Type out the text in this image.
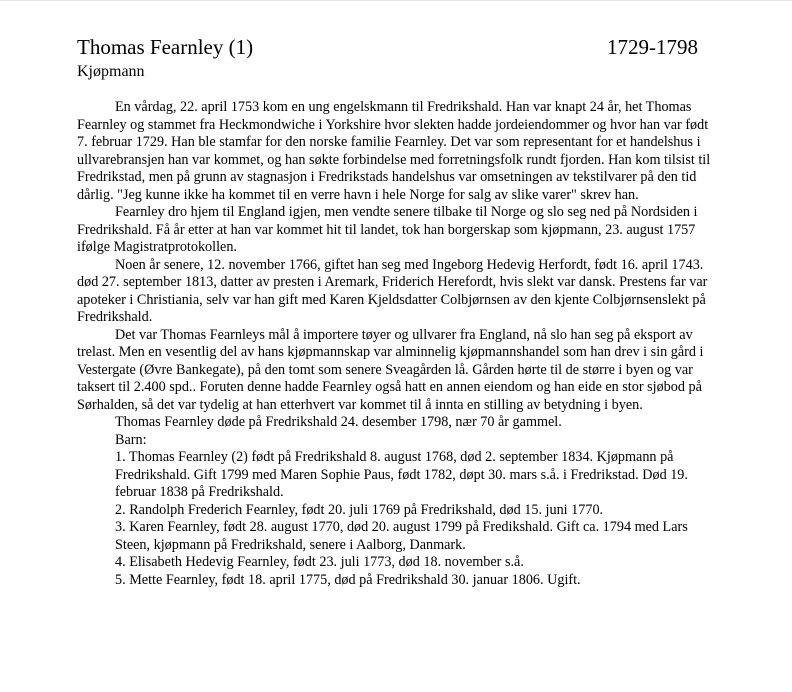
Thomas Fearnley (1)	1729-1798
Kjøpmann

En vårdag, 22. april 1753 kom en ung engelskmann til Fredrikshald. Han var knapt 24 år, het Thomas Fearnley og stammet fra Heckmondwiche i Yorkshire hvor slekten hadde jordeiendommer og hvor han var født 7. februar 1729. Han ble stamfar for den norske familie Fearnley. Det var som representant for et handelshus i ullvarebransjen han var kommet, og han søkte forbindelse med forretningsfolk rundt fjorden. Han kom tilsist til Fredrikstad, men på grunn av stagnasjon i Fredrikstads handelshus var omsetningen av tekstilvarer på den tid dårlig. "Jeg kunne ikke ha kommet til en verre havn i hele Norge for salg av slike varer" skrev han.

Fearnley dro hjem til England igjen, men vendte senere tilbake til Norge og slo seg ned på Nordsiden i Fredrikshald. Få år etter at han var kommet hit til landet, tok han borgerskap som kjøpmann, 23. august 1757 ifølge Magistratprotokollen.

Noen år senere, 12. november 1766, giftet han seg med Ingeborg Hedevig Herfordt, født 16. april 1743. død 27. september 1813, datter av presten i Aremark, Friderich Herefordt, hvis slekt var dansk. Prestens far var apoteker i Christiania, selv var han gift med Karen Kjeldsdatter Colbjørnsen av den kjente Colbjørnsenslekt på Fredrikshald.

Det var Thomas Fearnleys mål å importere tøyer og ullvarer fra England, nå slo han seg på eksport av trelast. Men en vesentlig del av hans kjøpmannskap var alminnelig kjøpmannshandel som han drev i sin gård i Vestergate (Øvre Bankegate), på den tomt som senere Sveagården lå. Gården hørte til de større i byen og var taksert til 2.400 spd.. Foruten denne hadde Fearnley også hatt en annen eiendom og han eide en stor sjøbod på Sørhalden, så det var tydelig at han etterhvert var kommet til å innta en stilling av betydning i byen.

Thomas Fearnley døde på Fredrikshald 24. desember 1798, nær 70 år gammel.
Barn:
1. Thomas Fearnley (2) født på Fredrikshald 8. august 1768, død 2. september 1834. Kjøpmann på Fredrikshald. Gift 1799 med Maren Sophie Paus, født 1782, døpt 30. mars s.å. i Fredrikstad. Død 19. februar 1838 på Fredrikshald.
2. Randolph Frederich Fearnley, født 20. juli 1769 på Fredrikshald, død 15. juni 1770.
3. Karen Fearnley, født 28. august 1770, død 20. august 1799 på Fredikshald. Gift ca. 1794 med Lars Steen, kjøpmann på Fredrikshald, senere i Aalborg, Danmark.
4. Elisabeth Hedevig Fearnley, født 23. juli 1773, død 18. november s.å.
5. Mette Fearnley, født 18. april 1775, død på Fredrikshald 30. januar 1806. Ugift.
